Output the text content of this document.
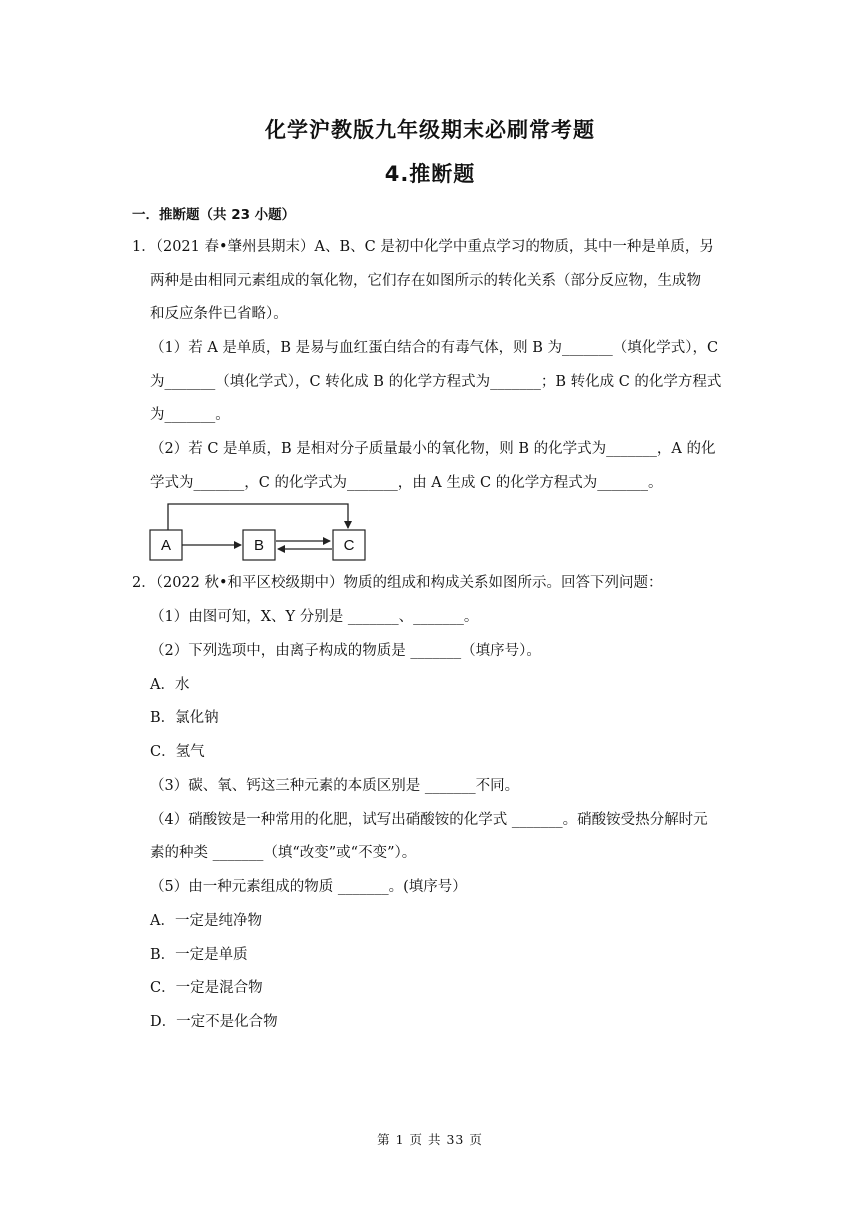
化学沪教版九年级期末必刷常考题
4.推断题
一．推断题（共 23 小题）
1．（2021 春•肇州县期末）A、B、C 是初中化学中重点学习的物质，其中一种是单质，另
两种是由相同元素组成的氧化物，它们存在如图所示的转化关系（部分反应物，生成物
和反应条件已省略）。
（1）若 A 是单质，B 是易与血红蛋白结合的有毒气体，则 B 为_______（填化学式），C
为_______（填化学式），C 转化成 B 的化学方程式为_______；B 转化成 C 的化学方程式
为_______。
（2）若 C 是单质，B 是相对分子质量最小的氧化物，则 B 的化学式为_______，A 的化
学式为_______，C 的化学式为_______，由 A 生成 C 的化学方程式为_______。
A	B	C
2．（2022 秋•和平区校级期中）物质的组成和构成关系如图所示。回答下列问题：
（1）由图可知，X、Y 分别是 _______、_______。
（2）下列选项中，由离子构成的物质是 _______（填序号）。
A．水
B．氯化钠
C．氢气
（3）碳、氧、钙这三种元素的本质区别是 _______不同。
（4）硝酸铵是一种常用的化肥，试写出硝酸铵的化学式 _______。硝酸铵受热分解时元
素的种类 _______（填“改变”或“不变”）。
（5）由一种元素组成的物质 _______。(填序号）
A．一定是纯净物
B．一定是单质
C．一定是混合物
D．一定不是化合物
第 1 页 共 33 页
